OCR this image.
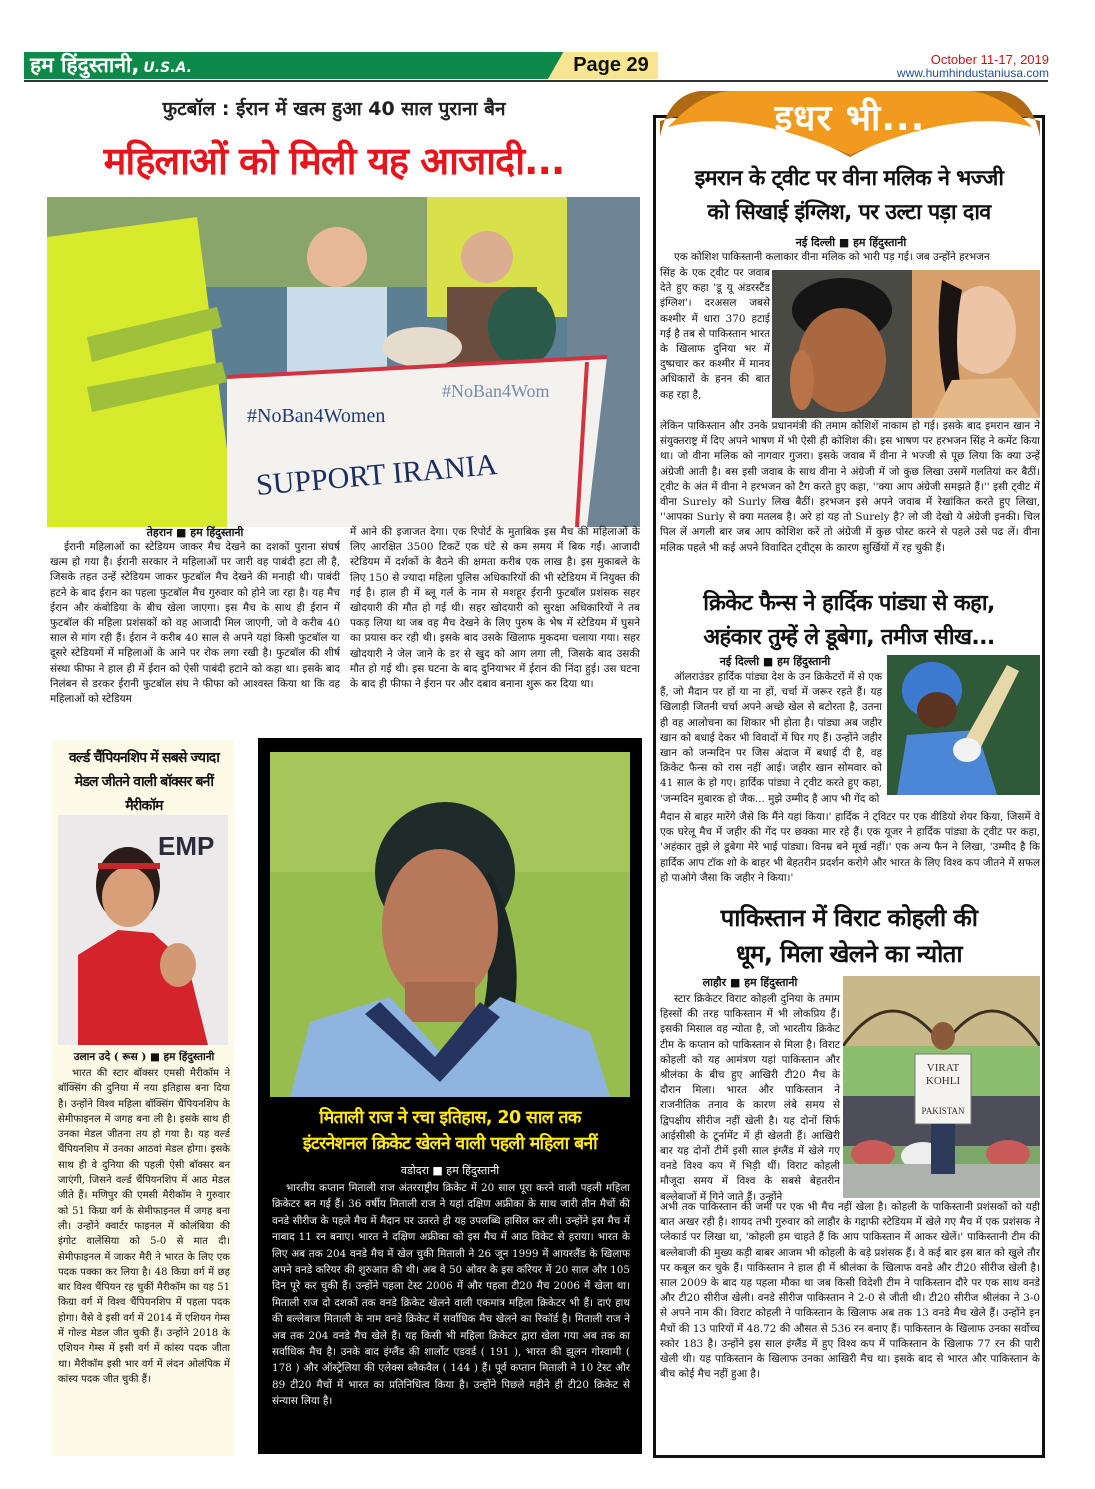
हम हिंदुस्तानी, U.S.A.	Page 29	October 11-17, 2019
www.humhindustaniusa.com
फुटबॉल : ईरान में खत्म हुआ 40 साल पुराना बैन
महिलाओं को मिली यह आजादी...
#NoBan4Women
#NoBan4Wom
SUPPORT IRANIA
तेहरान ■ हम हिंदुस्तानी

ईरानी महिलाओं का स्टेडियम जाकर मैच देखने का दशकों पुराना संघर्ष खत्म हो गया है। ईरानी सरकार ने महिलाओं पर जारी वह पाबंदी हटा ली है, जिसके तहत उन्हें स्टेडियम जाकर फुटबॉल मैच देखने की मनाही थी। पाबंदी हटने के बाद ईरान का पहला फुटबॉल मैच गुरुवार को होने जा रहा है। यह मैच ईरान और कंबोडिया के बीच खेला जाएगा। इस मैच के साथ ही ईरान में फुटबॉल की महिला प्रशंसकों को वह आजादी मिल जाएगी, जो वे करीब 40 साल से मांग रही हैं। ईरान ने करीब 40 साल से अपने यहां किसी फुटबॉल या दूसरे स्टेडियमों में महिलाओं के आने पर रोक लगा रखी है। फुटबॉल की शीर्ष संस्था फीफा ने हाल ही में ईरान को ऐसी पाबंदी हटाने को कहा था। इसके बाद निलंबन से डरकर ईरानी फुटबॉल संघ ने फीफा को आश्वस्त किया था कि वह महिलाओं को स्टेडियम

में आने की इजाजत देगा। एक रिपोर्ट के मुताबिक इस मैच की महिलाओं के लिए आरक्षित 3500 टिकटें एक घंटे से कम समय में बिक गईं। आजादी स्टेडियम में दर्शकों के बैठने की क्षमता करीब एक लाख है। इस मुकाबले के लिए 150 से ज्यादा महिला पुलिस अधिकारियों की भी स्टेडियम में नियुक्त की गई है। हाल ही में ब्लू गर्ल के नाम से मशहूर ईरानी फुटबॉल प्रशंसक सहर खोदयारी की मौत हो गई थी। सहर खोदयारी को सुरक्षा अधिकारियों ने तब पकड़ लिया था जब वह मैच देखने के लिए पुरुष के भेष में स्टेडियम में घुसने का प्रयास कर रही थी। इसके बाद उसके खिलाफ मुकदमा चलाया गया। सहर खोदयारी ने जेल जाने के डर से खुद को आग लगा ली, जिसके बाद उसकी मौत हो गई थी। इस घटना के बाद दुनियाभर में ईरान की निंदा हुई। उस घटना के बाद ही फीफा ने ईरान पर और दबाव बनाना शुरू कर दिया था।

वर्ल्ड चैंपियनशिप में सबसे ज्यादा मेडल जीतने वाली बॉक्सर बनीं मैरीकॉम
EMP
उलान उदे ( रूस ) ■ हम हिंदुस्तानी

भारत की स्टार बॉक्सर एमसी मैरीकॉम ने बॉक्सिंग की दुनिया में नया इतिहास बना दिया है। उन्होंने विश्व महिला बॉक्सिंग चैंपियनशिप के सेमीफाइनल में जगह बना ली है। इसके साथ ही उनका मेडल जीतना तय हो गया है। यह वर्ल्ड चैंपियनशिप में उनका आठवां मेडल होगा। इसके साथ ही वे दुनिया की पहली ऐसी बॉक्सर बन जाएंगी, जिसने वर्ल्ड चैंपियनशिप में आठ मेडल जीते हैं। मणिपुर की एमसी मैरीकॉम ने गुरुवार को 51 किग्रा वर्ग के सेमीफाइनल में जगह बना ली। उन्होंने क्वार्टर फाइनल में कोलंबिया की इंगोट वालेंसिया को 5-0 से मात दी। सेमीफाइनल में जाकर मैरी ने भारत के लिए एक पदक पक्का कर लिया है। 48 किग्रा वर्ग में छह बार विश्व चैंपियन रह चुकीं मैरीकॉम का यह 51 किग्रा वर्ग में विश्व चैंपियनशिप में पहला पदक होगा। वैसे वे इसी वर्ग में 2014 में एशियन गेम्स में गोल्ड मेडल जीत चुकी हैं। उन्होंने 2018 के एशियन गेम्स में इसी वर्ग में कांस्य पदक जीता था। मैरीकॉम इसी भार वर्ग में लंदन ओलंपिक में कांस्य पदक जीत चुकी हैं।

मिताली राज ने रचा इतिहास, 20 साल तक
इंटरनेशनल क्रिकेट खेलने वाली पहली महिला बनीं
वडोदरा ■ हम हिंदुस्तानी

भारतीय कप्तान मिताली राज अंतरराष्ट्रीय क्रिकेट में 20 साल पूरा करने वाली पहली महिला क्रिकेटर बन गई हैं। 36 वर्षीय मिताली राज ने यहां दक्षिण अफ्रीका के साथ जारी तीन मैचों की वनडे सीरीज के पहले मैच में मैदान पर उतरते ही यह उपलब्धि हासिल कर ली। उन्होंने इस मैच में नाबाद 11 रन बनाए। भारत ने दक्षिण अफ्रीका को इस मैच में आठ विकेट से हराया। भारत के लिए अब तक 204 वनडे मैच में खेल चुकी मिताली ने 26 जून 1999 में आयरलैंड के खिलाफ अपने वनडे करियर की शुरुआत की थी। अब वे 50 ओवर के इस करियर में 20 साल और 105 दिन पूरे कर चुकी हैं। उन्होंने पहला टेस्ट 2006 में और पहला टी20 मैच 2006 में खेला था। मिताली राज दो दशकों तक वनडे क्रिकेट खेलने वाली एकमात्र महिला क्रिकेटर भी हैं। दाएं हाथ की बल्लेबाज मिताली के नाम वनडे क्रिकेट में सर्वाधिक मैच खेलने का रिकॉर्ड है। मिताली राज ने अब तक 204 वनडे मैच खेले हैं। यह किसी भी महिला क्रिकेटर द्वारा खेला गया अब तक का सर्वाधिक मैच है। उनके बाद इंग्लैंड की शार्लोट एडवर्ड ( 191 ), भारत की झूलन गोस्वामी ( 178 ) और ऑस्ट्रेलिया की एलेक्स ब्लैकवैल ( 144 ) हैं। पूर्व कप्तान मिताली ने 10 टेस्ट और 89 टी20 मैचों में भारत का प्रतिनिधित्व किया है। उन्होंने पिछले महीने ही टी20 क्रिकेट से संन्यास लिया है।

इधर भी...
इमरान के ट्वीट पर वीना मलिक ने भज्जी
को सिखाई इंग्लिश, पर उल्टा पड़ा दाव
नई दिल्ली ■ हम हिंदुस्तानी

एक कोशिश पाकिस्तानी कलाकार वीना मलिक को भारी पड़ गई। जब उन्होंने हरभजन

सिंह के एक ट्वीट पर जवाब देते हुए कहा 'डू यू अंडरस्टैंड इंग्लिश'। दरअसल जबसे कश्मीर में धारा 370 हटाई गई है तब से पाकिस्तान भारत के खिलाफ दुनिया भर में दुष्प्रचार कर कश्मीर में मानव अधिकारों के हनन की बात कह रहा है,

लेकिन पाकिस्तान और उनके प्रधानमंत्री की तमाम कोशिशें नाकाम हो गई। इसके बाद इमरान खान ने संयुक्तराष्ट्र में दिए अपने भाषण में भी ऐसी ही कोशिश की। इस भाषण पर हरभजन सिंह ने कमेंट किया था। जो वीना मलिक को नागवार गुजरा। इसके जवाब में वीना ने भज्जी से पूछ लिया कि क्या उन्हें अंग्रेजी आती है। बस इसी जवाब के साथ वीना ने अंग्रेजी में जो कुछ लिखा उसमें गलतियां कर बैठीं। ट्वीट के अंत में वीना ने हरभजन को टैग करते हुए कहा, ''क्या आप अंग्रेजी समझते हैं।'' इसी ट्वीट में वीना Surely को Surly लिख बैठीं। हरभजन इसे अपने जवाब में रेखांकित करते हुए लिखा, ''आपका Surly से क्या मतलब है। अरे हां यह तो Surely है? लो जी देखो ये अंग्रेजी इनकी। चिल पिल लें अगली बार जब आप कोशिश करें तो अंग्रेजी में कुछ पोस्ट करने से पहले उसे पढ लें। वीना मलिक पहले भी कई अपने विवादित ट्वीट्स के कारण सुर्खियों में रह चुकी हैं।

क्रिकेट फैन्स ने हार्दिक पांड्या से कहा,
अहंकार तुम्हें ले डूबेगा, तमीज सीख...
नई दिल्ली ■ हम हिंदुस्तानी

ऑलराउंडर हार्दिक पांड्या देश के उन क्रिकेटरों में से एक हैं, जो मैदान पर हों या ना हों, चर्चा में जरूर रहते हैं। यह खिलाड़ी जितनी चर्चा अपने अच्छे खेल से बटोरता है, उतना ही वह आलोचना का शिकार भी होता है। पांड्या अब जहीर खान को बधाई देकर भी विवादों में घिर गए हैं। उन्होंने जहीर खान को जन्मदिन पर जिस अंदाज में बधाई दी है, वह क्रिकेट फैन्स को रास नहीं आई। जहीर खान सोमवार को 41 साल के हो गए। हार्दिक पांड्या ने ट्वीट करते हुए कहा, 'जन्मदिन मुबारक हो जैक... मुझे उम्मीद है आप भी गेंद को

मैदान से बाहर मारेंगे जैसे कि मैंने यहां किया।' हार्दिक ने ट्विटर पर एक वीडियो शेयर किया, जिसमें वे एक घरेलू मैच में जहीर की गेंद पर छक्का मार रहे हैं। एक यूजर ने हार्दिक पांड्या के ट्वीट पर कहा, 'अहंकार तुझे ले डूबेगा मेरे भाई पांड्या। विनम्र बने मूर्ख नहीं।' एक अन्य फैन ने लिखा, 'उम्मीद है कि हार्दिक आप टॉक शो के बाहर भी बेहतरीन प्रदर्शन करोगे और भारत के लिए विश्व कप जीतने में सफल हो पाओगे जैसा कि जहीर ने किया।'

पाकिस्तान में विराट कोहली की
धूम, मिला खेलने का न्योता
लाहौर ■ हम हिंदुस्तानी

स्टार क्रिकेटर विराट कोहली दुनिया के तमाम हिस्सों की तरह पाकिस्तान में भी लोकप्रिय हैं। इसकी मिसाल वह न्योता है, जो भारतीय क्रिकेट टीम के कप्तान को पाकिस्तान से मिला है। विराट कोहली को यह आमंत्रण यहां पाकिस्तान और श्रीलंका के बीच हुए आखिरी टी20 मैच के दौरान मिला। भारत और पाकिस्तान ने राजनीतिक तनाव के कारण लंबे समय से द्विपक्षीय सीरीज नहीं खेली है। यह दोनों सिर्फ आईसीसी के टूर्नामेंट में ही खेलती हैं। आखिरी बार यह दोनों टीमें इसी साल इंग्लैंड में खेले गए वनडे विश्व कप में भिड़ी थीं। विराट कोहली मौजूदा समय में विश्व के सबसे बेहतरीन बल्लेबाजों में गिने जाते हैं। उन्होंने

VIRAT
KOHLI
PAKISTAN

अभी तक पाकिस्तान की जमीं पर एक भी मैच नहीं खेला है। कोहली के पाकिस्तानी प्रशंसकों को यही बात अखर रही है। शायद तभी गुरुवार को लाहौर के गद्दाफी स्टेडियम में खेले गए मैच में एक प्रशंसक ने प्लेकार्ड पर लिखा था, 'कोहली हम चाहते हैं कि आप पाकिस्तान में आकर खेलें।' पाकिस्तानी टीम की बल्लेबाजी की मुख्य कड़ी बाबर आजम भी कोहली के बड़े प्रशंसक हैं। वे कई बार इस बात को खुले तौर पर कबूल कर चुके हैं। पाकिस्तान ने हाल ही में श्रीलंका के खिलाफ वनडे और टी20 सीरीज खेली है। साल 2009 के बाद यह पहला मौका था जब किसी विदेशी टीम ने पाकिस्तान दौरे पर एक साथ वनडे और टी20 सीरीज खेली। वनडे सीरीज पाकिस्तान ने 2-0 से जीती थी। टी20 सीरीज श्रीलंका ने 3-0 से अपने नाम की। विराट कोहली ने पाकिस्तान के खिलाफ अब तक 13 वनडे मैच खेले हैं। उन्होंने इन मैचों की 13 पारियों में 48.72 की औसत से 536 रन बनाए हैं। पाकिस्तान के खिलाफ उनका सर्वोच्च स्कोर 183 है। उन्होंने इस साल इंग्लैंड में हुए विश्व कप में पाकिस्तान के खिलाफ 77 रन की पारी खेली थी। यह पाकिस्तान के खिलाफ उनका आखिरी मैच था। इसके बाद से भारत और पाकिस्तान के बीच कोई मैच नहीं हुआ है।
